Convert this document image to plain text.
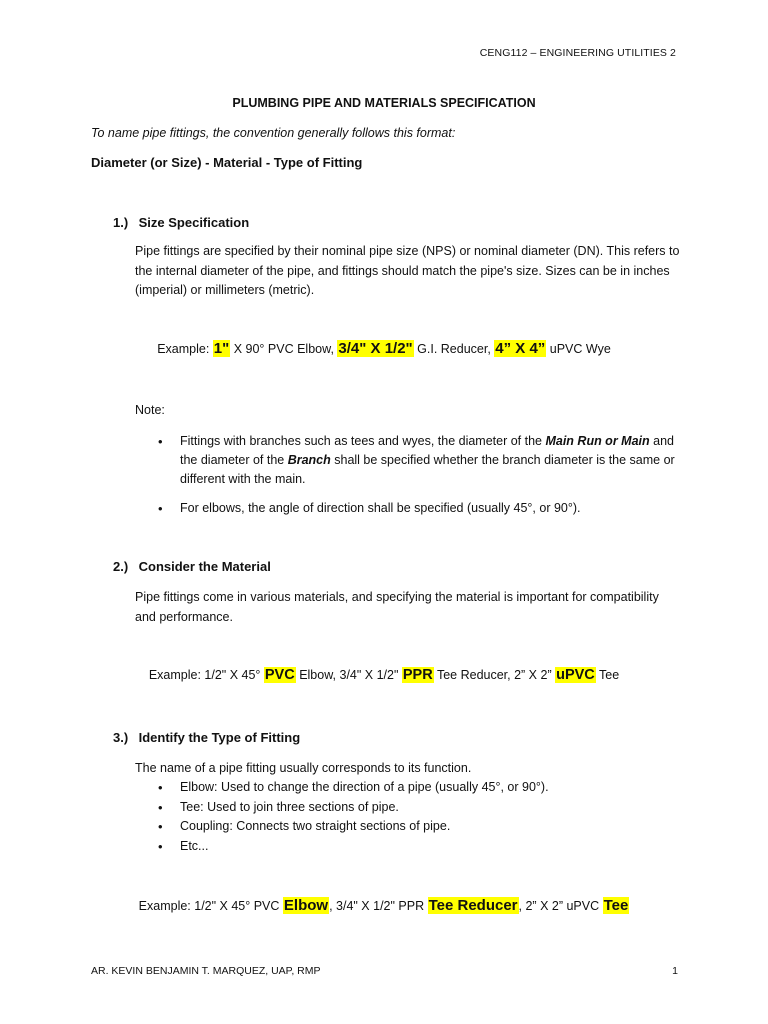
CENG112 – ENGINEERING UTILITIES 2
PLUMBING PIPE AND MATERIALS SPECIFICATION
To name pipe fittings, the convention generally follows this format:
Diameter (or Size) - Material - Type of Fitting
1.) Size Specification
Pipe fittings are specified by their nominal pipe size (NPS) or nominal diameter (DN). This refers to the internal diameter of the pipe, and fittings should match the pipe's size. Sizes can be in inches (imperial) or millimeters (metric).
Example: 1" X 90° PVC Elbow, 3/4" X 1/2" G.I. Reducer, 4” X 4” uPVC Wye
Note:
• Fittings with branches such as tees and wyes, the diameter of the Main Run or Main and the diameter of the Branch shall be specified whether the branch diameter is the same or different with the main.
• For elbows, the angle of direction shall be specified (usually 45°, or 90°).
2.) Consider the Material
Pipe fittings come in various materials, and specifying the material is important for compatibility and performance.
Example: 1/2" X 45° PVC Elbow, 3/4" X 1/2" PPR Tee Reducer, 2” X 2” uPVC Tee
3.) Identify the Type of Fitting
The name of a pipe fitting usually corresponds to its function.
• Elbow: Used to change the direction of a pipe (usually 45°, or 90°).
• Tee: Used to join three sections of pipe.
• Coupling: Connects two straight sections of pipe.
• Etc...
Example: 1/2" X 45° PVC Elbow, 3/4" X 1/2" PPR Tee Reducer, 2” X 2” uPVC Tee
AR. KEVIN BENJAMIN T. MARQUEZ, UAP, RMP	1
